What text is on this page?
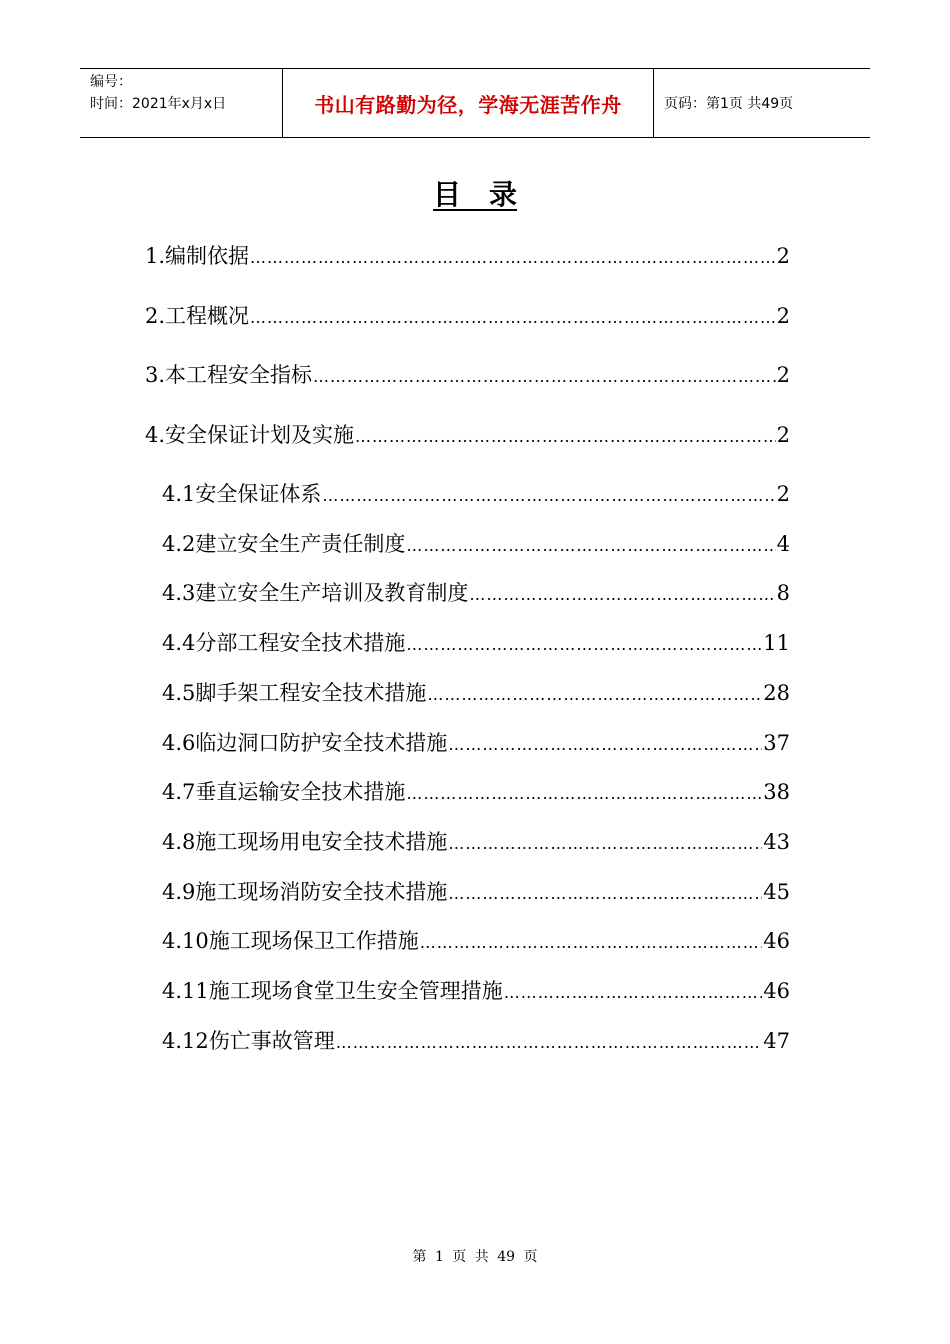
编号：
时间：2021年x月x日	书山有路勤为径，学海无涯苦作舟	页码：第1页 共49页
目　录
1.编制依据 ……………………………………………………………………………………………………………………………………………………………………………	2
2.工程概况 ……………………………………………………………………………………………………………………………………………………………………………	2
3.本工程安全指标 ……………………………………………………………………………………………………………………………………………………………………………	2
4.安全保证计划及实施 ……………………………………………………………………………………………………………………………………………………………………………	2
4.1安全保证体系 ……………………………………………………………………………………………………………………………………………………………………………	2
4.2建立安全生产责任制度 ……………………………………………………………………………………………………………………………………………………………………………	4
4.3建立安全生产培训及教育制度 ……………………………………………………………………………………………………………………………………………………………………………	8
4.4分部工程安全技术措施 ……………………………………………………………………………………………………………………………………………………………………………	11
4.5脚手架工程安全技术措施 ……………………………………………………………………………………………………………………………………………………………………………	28
4.6临边洞口防护安全技术措施 ……………………………………………………………………………………………………………………………………………………………………………	37
4.7垂直运输安全技术措施 ……………………………………………………………………………………………………………………………………………………………………………	38
4.8施工现场用电安全技术措施 ……………………………………………………………………………………………………………………………………………………………………………	43
4.9施工现场消防安全技术措施 ……………………………………………………………………………………………………………………………………………………………………………	45
4.10施工现场保卫工作措施 ……………………………………………………………………………………………………………………………………………………………………………	46
4.11施工现场食堂卫生安全管理措施 ……………………………………………………………………………………………………………………………………………………………………………	46
4.12伤亡事故管理 ……………………………………………………………………………………………………………………………………………………………………………	47
第 1 页 共 49 页
